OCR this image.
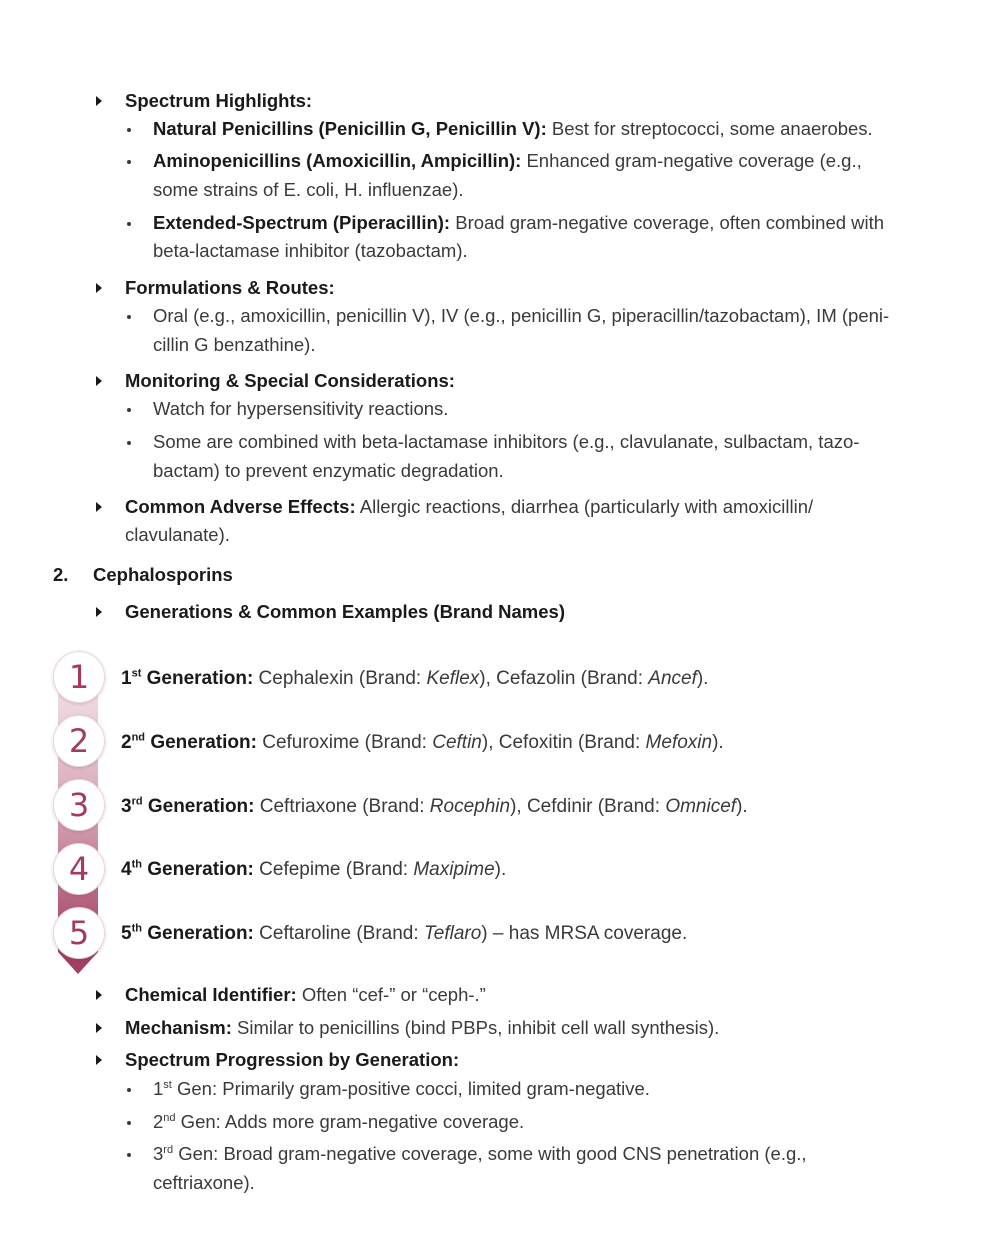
Spectrum Highlights:
Natural Penicillins (Penicillin G, Penicillin V): Best for streptococci, some anaerobes.
Aminopenicillins (Amoxicillin, Ampicillin): Enhanced gram-negative coverage (e.g.,
some strains of E. coli, H. influenzae).
Extended-Spectrum (Piperacillin): Broad gram-negative coverage, often combined with
beta-lactamase inhibitor (tazobactam).
Formulations & Routes:
Oral (e.g., amoxicillin, penicillin V), IV (e.g., penicillin G, piperacillin/tazobactam), IM (peni-
cillin G benzathine).
Monitoring & Special Considerations:
Watch for hypersensitivity reactions.
Some are combined with beta-lactamase inhibitors (e.g., clavulanate, sulbactam, tazo-
bactam) to prevent enzymatic degradation.
Common Adverse Effects: Allergic reactions, diarrhea (particularly with amoxicillin/
clavulanate).
2. Cephalosporins
Generations & Common Examples (Brand Names)
1
2
3
4
5
1st Generation: Cephalexin (Brand: Keflex), Cefazolin (Brand: Ancef).
2nd Generation: Cefuroxime (Brand: Ceftin), Cefoxitin (Brand: Mefoxin).
3rd Generation: Ceftriaxone (Brand: Rocephin), Cefdinir (Brand: Omnicef).
4th Generation: Cefepime (Brand: Maxipime).
5th Generation: Ceftaroline (Brand: Teflaro) – has MRSA coverage.
Chemical Identifier: Often “cef-” or “ceph-.”
Mechanism: Similar to penicillins (bind PBPs, inhibit cell wall synthesis).
Spectrum Progression by Generation:
1st Gen: Primarily gram-positive cocci, limited gram-negative.
2nd Gen: Adds more gram-negative coverage.
3rd Gen: Broad gram-negative coverage, some with good CNS penetration (e.g.,
ceftriaxone).
